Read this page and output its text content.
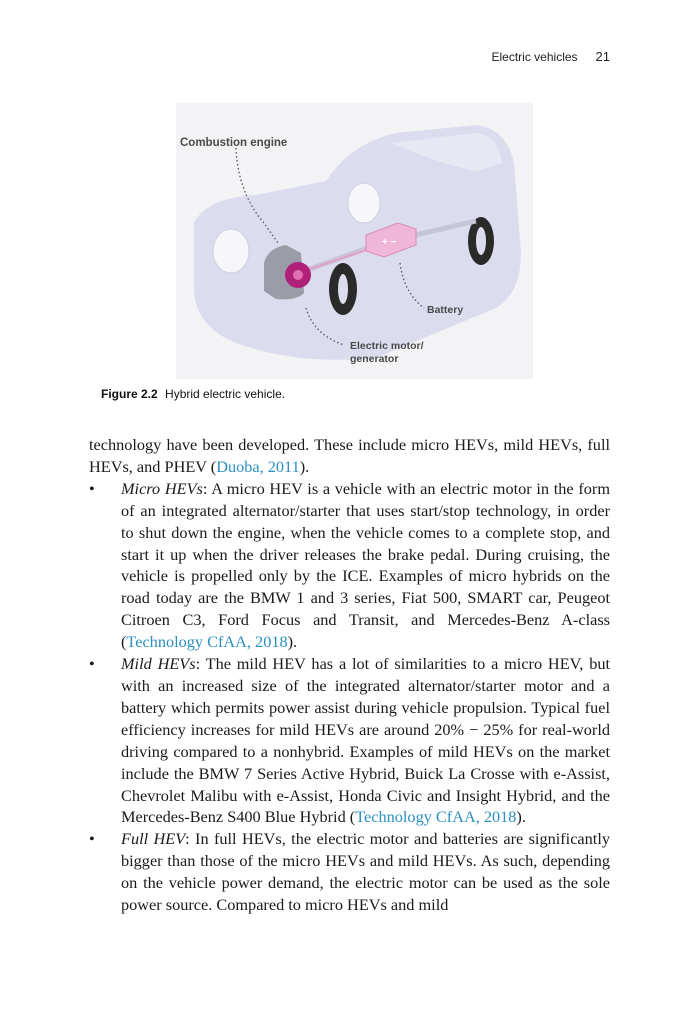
Electric vehicles 21
+ −
Combustion engine
Battery
Electric motor/
generator
Figure 2.2 Hybrid electric vehicle.

technology have been developed. These include micro HEVs, mild HEVs, full HEVs, and PHEV (Duoba, 2011).

• Micro HEVs: A micro HEV is a vehicle with an electric motor in the form of an integrated alternator/starter that uses start/stop technology, in order to shut down the engine, when the vehicle comes to a complete stop, and start it up when the driver releases the brake pedal. During cruising, the vehicle is propelled only by the ICE. Examples of micro hybrids on the road today are the BMW 1 and 3 series, Fiat 500, SMART car, Peugeot Citroen C3, Ford Focus and Transit, and Mercedes-Benz A-class (Technology CfAA, 2018).
• Mild HEVs: The mild HEV has a lot of similarities to a micro HEV, but with an increased size of the integrated alternator/starter motor and a battery which permits power assist during vehicle propulsion. Typical fuel efficiency increases for mild HEVs are around 20% − 25% for real-world driving compared to a nonhybrid. Examples of mild HEVs on the market include the BMW 7 Series Active Hybrid, Buick La Crosse with e-Assist, Chevrolet Malibu with e-Assist, Honda Civic and Insight Hybrid, and the Mercedes-Benz S400 Blue Hybrid (Technology CfAA, 2018).
• Full HEV: In full HEVs, the electric motor and batteries are significantly bigger than those of the micro HEVs and mild HEVs. As such, depending on the vehicle power demand, the electric motor can be used as the sole power source. Compared to micro HEVs and mild
